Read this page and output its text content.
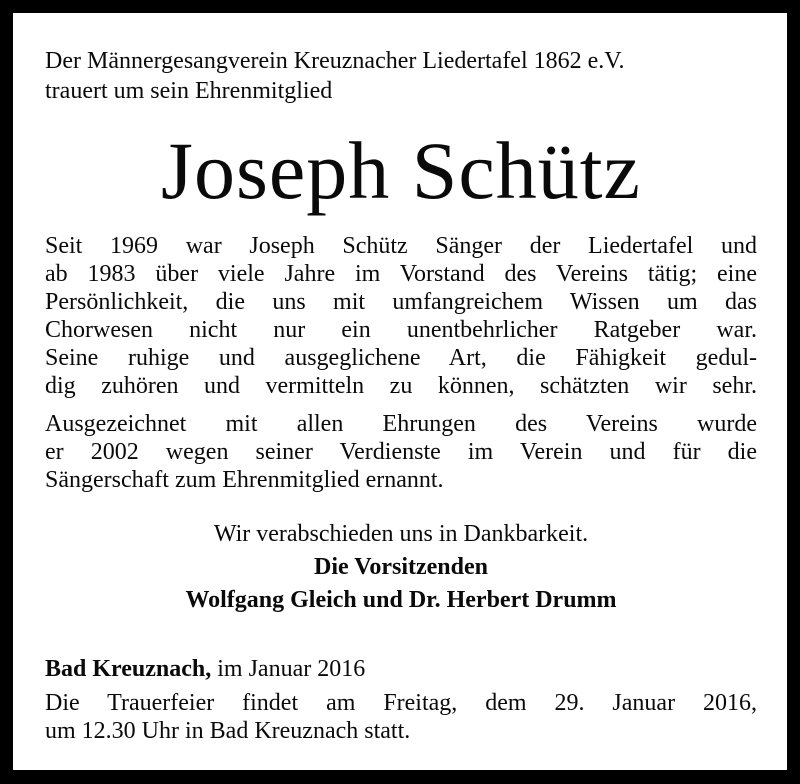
Der Männergesangverein Kreuznacher Liedertafel 1862 e.V.
trauert um sein Ehrenmitglied
Joseph Schütz
Seit 1969 war Joseph Schütz Sänger der Liedertafel und
ab 1983 über viele Jahre im Vorstand des Vereins tätig; eine
Persönlichkeit, die uns mit umfangreichem Wissen um das
Chorwesen nicht nur ein unentbehrlicher Ratgeber war.
Seine ruhige und ausgeglichene Art, die Fähigkeit gedul-
dig zuhören und vermitteln zu können, schätzten wir sehr.
Ausgezeichnet mit allen Ehrungen des Vereins wurde
er 2002 wegen seiner Verdienste im Verein und für die
Sängerschaft zum Ehrenmitglied ernannt.
Wir verabschieden uns in Dankbarkeit.
Die Vorsitzenden
Wolfgang Gleich und Dr. Herbert Drumm
Bad Kreuznach, im Januar 2016
Die Trauerfeier findet am Freitag, dem 29. Januar 2016,
um 12.30 Uhr in Bad Kreuznach statt.
